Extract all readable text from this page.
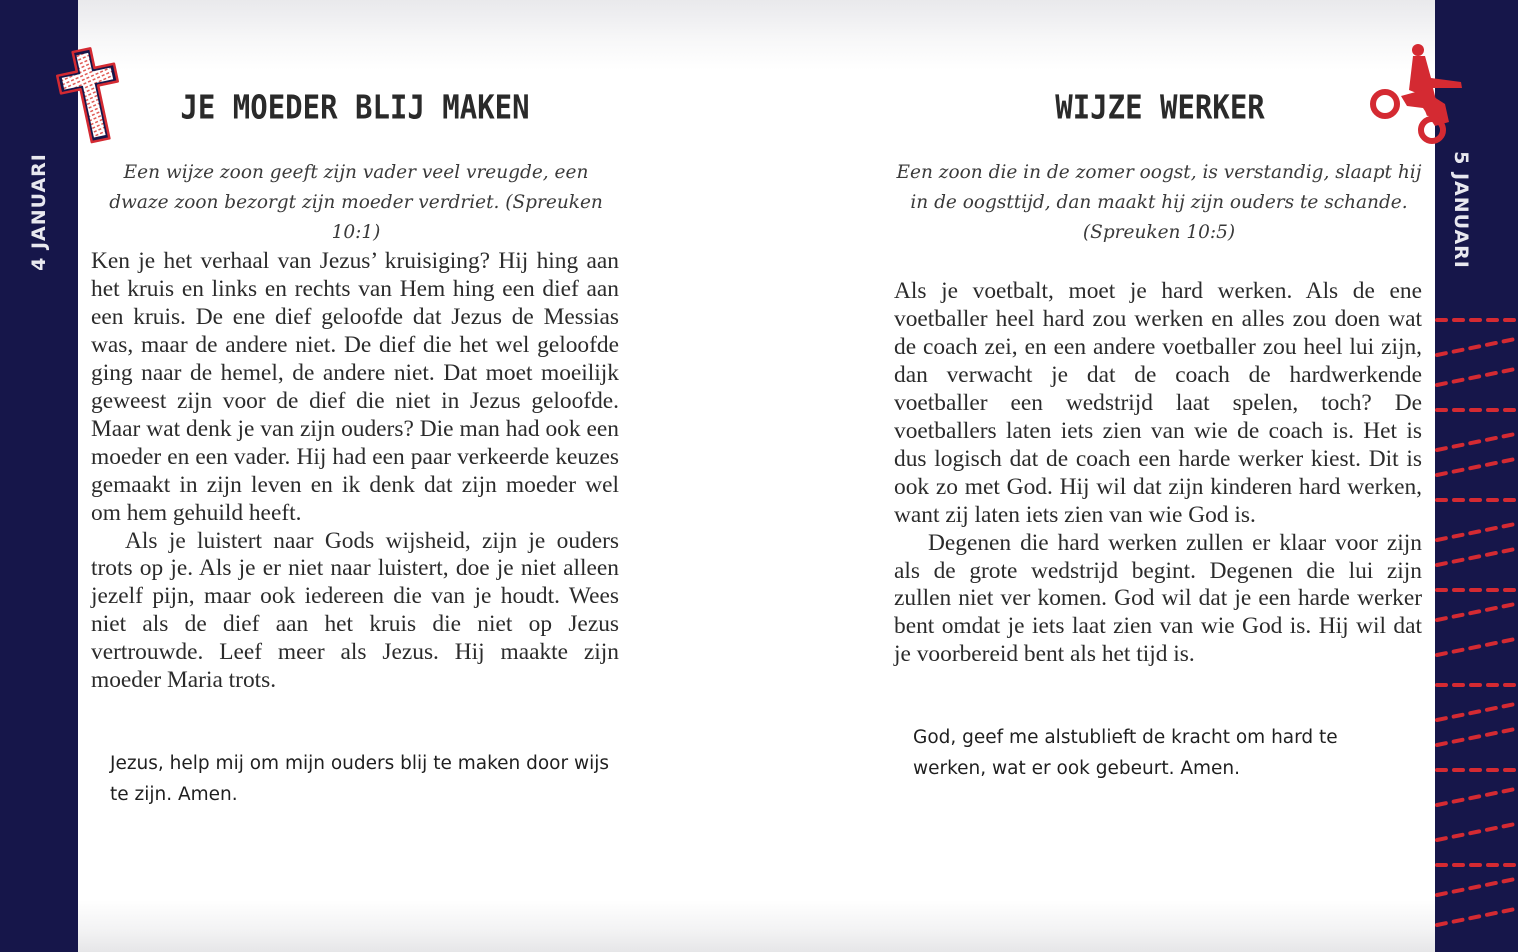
4 JANUARI	5 JANUARI
JE MOEDER BLIJ MAKEN
Een wijze zoon geeft zijn vader veel vreugde, een dwaze zoon bezorgt zijn moeder verdriet. (Spreuken 10:1)

Ken je het verhaal van Jezus’ kruisiging? Hij hing aan het kruis en links en rechts van Hem hing een dief aan een kruis. De ene dief geloofde dat Jezus de Messias was, maar de andere niet. De dief die het wel geloofde ging naar de hemel, de andere niet. Dat moet moeilijk geweest zijn voor de dief die niet in Jezus geloofde. Maar wat denk je van zijn ouders? Die man had ook een moeder en een vader. Hij had een paar verkeerde keuzes gemaakt in zijn leven en ik denk dat zijn moeder wel om hem gehuild heeft.

Als je luistert naar Gods wijsheid, zijn je ouders trots op je. Als je er niet naar luistert, doe je niet alleen jezelf pijn, maar ook iedereen die van je houdt. Wees niet als de dief aan het kruis die niet op Jezus vertrouwde. Leef meer als Jezus. Hij maakte zijn moeder Maria trots.

Jezus, help mij om mijn ouders blij te maken door wijs te zijn. Amen.
WIJZE WERKER
Een zoon die in de zomer oogst, is verstandig, slaapt hij in de oogsttijd, dan maakt hij zijn ouders te schande. (Spreuken 10:5)

Als je voetbalt, moet je hard werken. Als de ene voetballer heel hard zou werken en alles zou doen wat de coach zei, en een andere voetballer zou heel lui zijn, dan verwacht je dat de coach de hardwerkende voetballer een wedstrijd laat spelen, toch? De voetballers laten iets zien van wie de coach is. Het is dus logisch dat de coach een harde werker kiest. Dit is ook zo met God. Hij wil dat zijn kinderen hard werken, want zij laten iets zien van wie God is.

Degenen die hard werken zullen er klaar voor zijn als de grote wedstrijd begint. Degenen die lui zijn zullen niet ver komen. God wil dat je een harde werker bent omdat je iets laat zien van wie God is. Hij wil dat je voorbereid bent als het tijd is.

God, geef me alstublieft de kracht om hard te werken, wat er ook gebeurt. Amen.
